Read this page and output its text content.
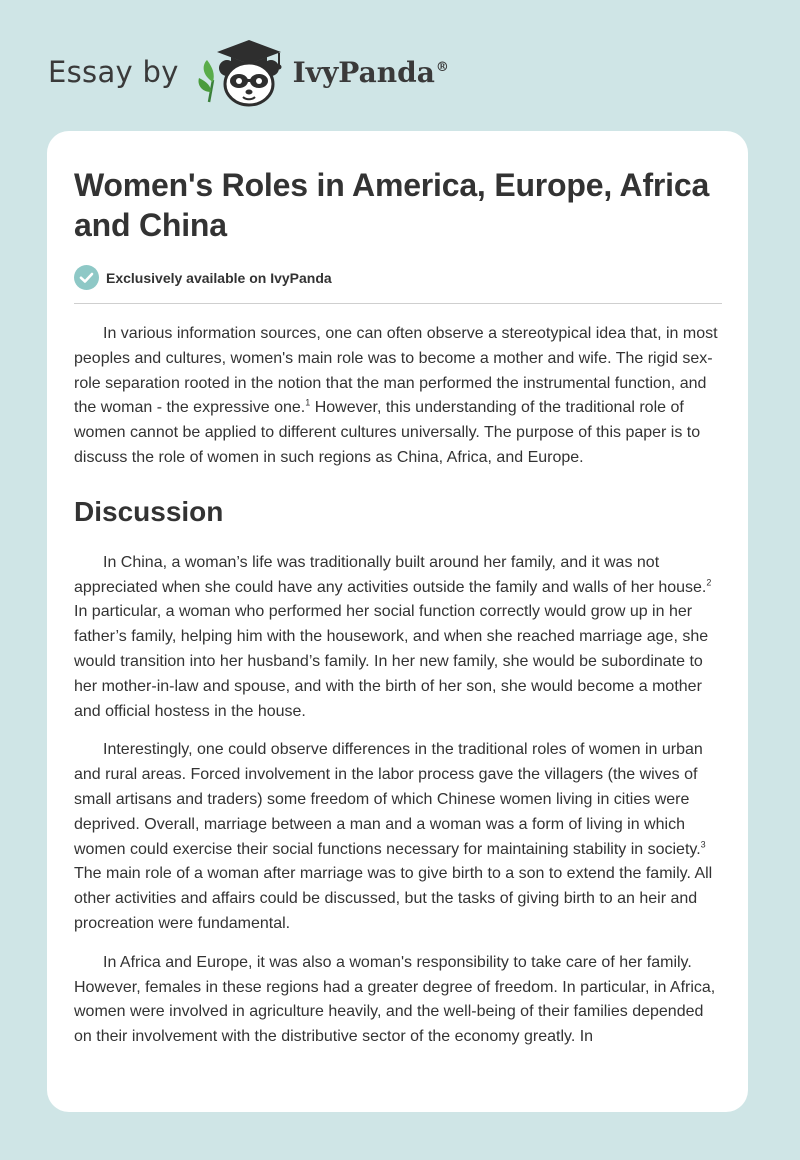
Essay by	IvyPanda®
Women's Roles in America, Europe, Africa and China
Exclusively available on IvyPanda

In various information sources, one can often observe a stereotypical idea that, in most peoples and cultures, women's main role was to become a mother and wife. The rigid sex-role separation rooted in the notion that the man performed the instrumental function, and the woman - the expressive one.$^1$ However, this understanding of the traditional role of women cannot be applied to different cultures universally. The purpose of this paper is to discuss the role of women in such regions as China, Africa, and Europe.

Discussion

In China, a woman’s life was traditionally built around her family, and it was not appreciated when she could have any activities outside the family and walls of her house.$^2$ In particular, a woman who performed her social function correctly would grow up in her father’s family, helping him with the housework, and when she reached marriage age, she would transition into her husband’s family. In her new family, she would be subordinate to her mother-in-law and spouse, and with the birth of her son, she would become a mother and official hostess in the house.

Interestingly, one could observe differences in the traditional roles of women in urban and rural areas. Forced involvement in the labor process gave the villagers (the wives of small artisans and traders) some freedom of which Chinese women living in cities were deprived. Overall, marriage between a man and a woman was a form of living in which women could exercise their social functions necessary for maintaining stability in society.$^3$ The main role of a woman after marriage was to give birth to a son to extend the family. All other activities and affairs could be discussed, but the tasks of giving birth to an heir and procreation were fundamental.

In Africa and Europe, it was also a woman's responsibility to take care of her family. However, females in these regions had a greater degree of freedom. In particular, in Africa, women were involved in agriculture heavily, and the well-being of their families depended on their involvement with the distributive sector of the economy greatly. In
